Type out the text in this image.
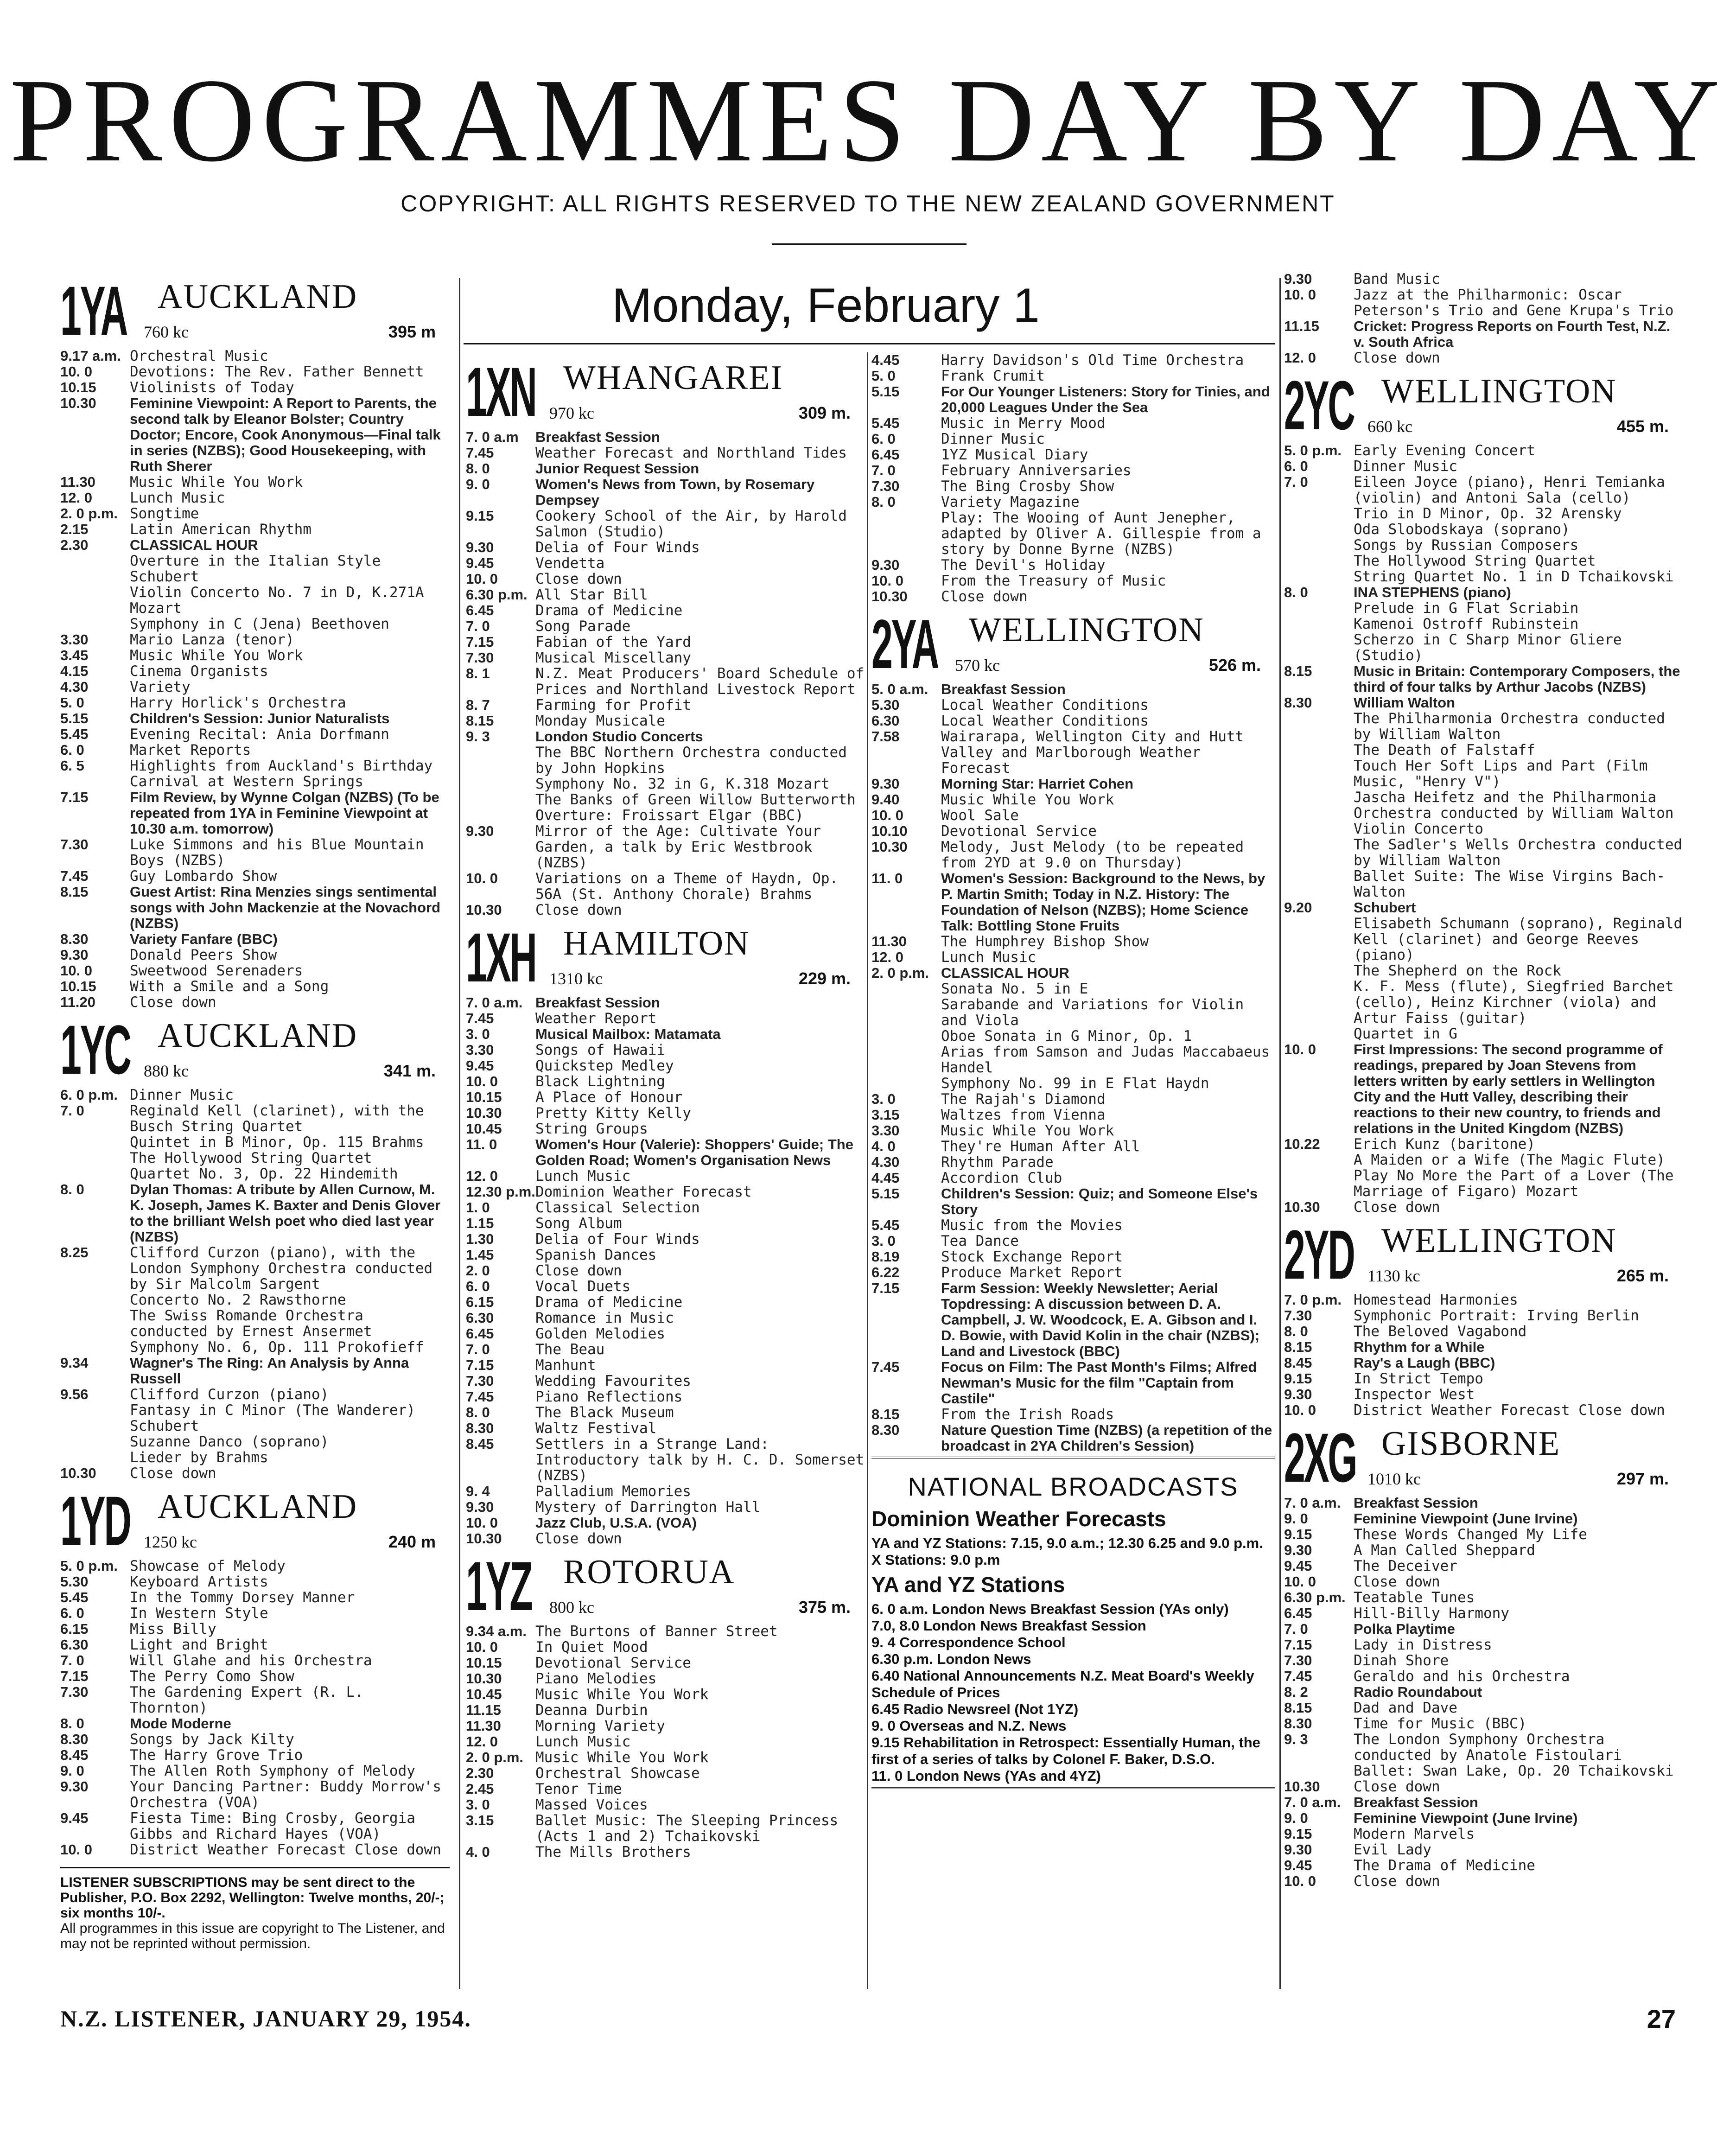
PROGRAMMES DAY BY DAY
COPYRIGHT: ALL RIGHTS RESERVED TO THE NEW ZEALAND GOVERNMENT
Monday, February 1
1YA AUCKLAND
760 kc	395 m
9.17 a.m. Orchestral Music
10. 0	Devotions: The Rev. Father Bennett
10.15	Violinists of Today
10.30	Feminine Viewpoint: A Report to Parents, the second talk by Eleanor Bolster; Country Doctor; Encore, Cook Anonymous—Final talk in series (NZBS); Good Housekeeping, with Ruth Sherer
11.30	Music While You Work
12. 0	Lunch Music
2. 0 p.m. Songtime
2.15	Latin American Rhythm
2.30	CLASSICAL HOUR
Overture in the Italian Style Schubert
Violin Concerto No. 7 in D, K.271A Mozart
Symphony in C (Jena) Beethoven
3.30	Mario Lanza (tenor)
3.45	Music While You Work
4.15	Cinema Organists
4.30	Variety
5. 0	Harry Horlick's Orchestra
5.15	Children's Session: Junior Naturalists
5.45	Evening Recital: Ania Dorfmann
6. 0	Market Reports
6. 5	Highlights from Auckland's Birthday Carnival at Western Springs
7.15	Film Review, by Wynne Colgan (NZBS) (To be repeated from 1YA in Feminine Viewpoint at 10.30 a.m. tomorrow)
7.30	Luke Simmons and his Blue Mountain Boys (NZBS)
7.45	Guy Lombardo Show
8.15	Guest Artist: Rina Menzies sings sentimental songs with John Mackenzie at the Novachord (NZBS)
8.30	Variety Fanfare (BBC)
9.30	Donald Peers Show
10. 0	Sweetwood Serenaders
10.15	With a Smile and a Song
11.20	Close down
1YC AUCKLAND
880 kc	341 m.
6. 0 p.m. Dinner Music
7. 0	Reginald Kell (clarinet), with the Busch String Quartet
Quintet in B Minor, Op. 115 Brahms
The Hollywood String Quartet
Quartet No. 3, Op. 22 Hindemith
8. 0	Dylan Thomas: A tribute by Allen Curnow, M. K. Joseph, James K. Baxter and Denis Glover to the brilliant Welsh poet who died last year (NZBS)
8.25	Clifford Curzon (piano), with the London Symphony Orchestra conducted by Sir Malcolm Sargent
Concerto No. 2 Rawsthorne
The Swiss Romande Orchestra conducted by Ernest Ansermet
Symphony No. 6, Op. 111 Prokofieff
9.34	Wagner's The Ring: An Analysis by Anna Russell
9.56	Clifford Curzon (piano)
Fantasy in C Minor (The Wanderer) Schubert
Suzanne Danco (soprano)
Lieder by Brahms
10.30	Close down
1YD AUCKLAND
1250 kc	240 m
5. 0 p.m. Showcase of Melody
5.30	Keyboard Artists
5.45	In the Tommy Dorsey Manner
6. 0	In Western Style
6.15	Miss Billy
6.30	Light and Bright
7. 0	Will Glahe and his Orchestra
7.15	The Perry Como Show
7.30	The Gardening Expert (R. L. Thornton)
8. 0	Mode Moderne
8.30	Songs by Jack Kilty
8.45	The Harry Grove Trio
9. 0	The Allen Roth Symphony of Melody
9.30	Your Dancing Partner: Buddy Morrow's Orchestra (VOA)
9.45	Fiesta Time: Bing Crosby, Georgia Gibbs and Richard Hayes (VOA)
10. 0	District Weather Forecast Close down
LISTENER SUBSCRIPTIONS may be sent direct to the Publisher, P.O. Box 2292, Wellington: Twelve months, 20/-; six months 10/-.
All programmes in this issue are copyright to The Listener, and may not be reprinted without permission.
1XN WHANGAREI
970 kc	309 m.
7. 0 a.m	Breakfast Session
7.45	Weather Forecast and Northland Tides
8. 0	Junior Request Session
9. 0	Women's News from Town, by Rosemary Dempsey
9.15	Cookery School of the Air, by Harold Salmon (Studio)
9.30	Delia of Four Winds
9.45	Vendetta
10. 0	Close down
6.30 p.m. All Star Bill
6.45	Drama of Medicine
7. 0	Song Parade
7.15	Fabian of the Yard
7.30	Musical Miscellany
8. 1	N.Z. Meat Producers' Board Schedule of Prices and Northland Livestock Report
8. 7	Farming for Profit
8.15	Monday Musicale
9. 3	London Studio Concerts
The BBC Northern Orchestra conducted by John Hopkins
Symphony No. 32 in G, K.318 Mozart
The Banks of Green Willow Butterworth
Overture: Froissart Elgar (BBC)
9.30	Mirror of the Age: Cultivate Your Garden, a talk by Eric Westbrook (NZBS)
10. 0	Variations on a Theme of Haydn, Op. 56A (St. Anthony Chorale) Brahms
10.30	Close down
1XH HAMILTON
1310 kc	229 m.
7. 0 a.m. Breakfast Session
7.45	Weather Report
3. 0	Musical Mailbox: Matamata
3.30	Songs of Hawaii
9.45	Quickstep Medley
10. 0	Black Lightning
10.15	A Place of Honour
10.30	Pretty Kitty Kelly
10.45	String Groups
11. 0	Women's Hour (Valerie): Shoppers' Guide; The Golden Road; Women's Organisation News
12. 0	Lunch Music
12.30 p.m. Dominion Weather Forecast
1. 0	Classical Selection
1.15	Song Album
1.30	Delia of Four Winds
1.45	Spanish Dances
2. 0	Close down
6. 0	Vocal Duets
6.15	Drama of Medicine
6.30	Romance in Music
6.45	Golden Melodies
7. 0	The Beau
7.15	Manhunt
7.30	Wedding Favourites
7.45	Piano Reflections
8. 0	The Black Museum
8.30	Waltz Festival
8.45	Settlers in a Strange Land: Introductory talk by H. C. D. Somerset (NZBS)
9. 4	Palladium Memories
9.30	Mystery of Darrington Hall
10. 0	Jazz Club, U.S.A. (VOA)
10.30	Close down
1YZ ROTORUA
800 kc	375 m.
9.34 a.m. The Burtons of Banner Street
10. 0	In Quiet Mood
10.15	Devotional Service
10.30	Piano Melodies
10.45	Music While You Work
11.15	Deanna Durbin
11.30	Morning Variety
12. 0	Lunch Music
2. 0 p.m. Music While You Work
2.30	Orchestral Showcase
2.45	Tenor Time
3. 0	Massed Voices
3.15	Ballet Music: The Sleeping Princess (Acts 1 and 2) Tchaikovski
4. 0	The Mills Brothers
4.45	Harry Davidson's Old Time Orchestra
5. 0	Frank Crumit
5.15	For Our Younger Listeners: Story for Tinies, and 20,000 Leagues Under the Sea
5.45	Music in Merry Mood
6. 0	Dinner Music
6.45	1YZ Musical Diary
7. 0	February Anniversaries
7.30	The Bing Crosby Show
8. 0	Variety Magazine
Play: The Wooing of Aunt Jenepher, adapted by Oliver A. Gillespie from a story by Donne Byrne (NZBS)
9.30	The Devil's Holiday
10. 0	From the Treasury of Music
10.30	Close down
2YA WELLINGTON
570 kc	526 m.
5. 0 a.m. Breakfast Session
5.30	Local Weather Conditions
6.30	Local Weather Conditions
7.58	Wairarapa, Wellington City and Hutt Valley and Marlborough Weather Forecast
9.30	Morning Star: Harriet Cohen
9.40	Music While You Work
10. 0	Wool Sale
10.10	Devotional Service
10.30	Melody, Just Melody (to be repeated from 2YD at 9.0 on Thursday)
11. 0	Women's Session: Background to the News, by P. Martin Smith; Today in N.Z. History: The Foundation of Nelson (NZBS); Home Science Talk: Bottling Stone Fruits
11.30	The Humphrey Bishop Show
12. 0	Lunch Music
2. 0 p.m. CLASSICAL HOUR
Sonata No. 5 in E
Sarabande and Variations for Violin and Viola
Oboe Sonata in G Minor, Op. 1
Arias from Samson and Judas Maccabaeus Handel
Symphony No. 99 in E Flat Haydn
3. 0	The Rajah's Diamond
3.15	Waltzes from Vienna
3.30	Music While You Work
4. 0	They're Human After All
4.30	Rhythm Parade
4.45	Accordion Club
5.15	Children's Session: Quiz; and Someone Else's Story
5.45	Music from the Movies
3. 0	Tea Dance
8.19	Stock Exchange Report
6.22	Produce Market Report
7.15	Farm Session: Weekly Newsletter; Aerial Topdressing: A discussion between D. A. Campbell, J. W. Woodcock, E. A. Gibson and I. D. Bowie, with David Kolin in the chair (NZBS); Land and Livestock (BBC)
7.45	Focus on Film: The Past Month's Films; Alfred Newman's Music for the film "Captain from Castile"
8.15	From the Irish Roads
8.30	Nature Question Time (NZBS) (a repetition of the broadcast in 2YA Children's Session)
NATIONAL BROADCASTS
Dominion Weather Forecasts
YA and YZ Stations: 7.15, 9.0 a.m.; 12.30 6.25 and 9.0 p.m.
X Stations: 9.0 p.m
YA and YZ Stations
6. 0 a.m. London News Breakfast Session (YAs only)
7.0, 8.0 London News Breakfast Session
9. 4 Correspondence School
6.30 p.m. London News
6.40 National Announcements N.Z. Meat Board's Weekly Schedule of Prices
6.45 Radio Newsreel (Not 1YZ)
9. 0 Overseas and N.Z. News
9.15 Rehabilitation in Retrospect: Essentially Human, the first of a series of talks by Colonel F. Baker, D.S.O.
11. 0 London News (YAs and 4YZ)
9.30	Band Music
10. 0	Jazz at the Philharmonic: Oscar Peterson's Trio and Gene Krupa's Trio
11.15	Cricket: Progress Reports on Fourth Test, N.Z. v. South Africa
12. 0	Close down
2YC WELLINGTON
660 kc	455 m.
5. 0 p.m. Early Evening Concert
6. 0	Dinner Music
7. 0	Eileen Joyce (piano), Henri Temianka (violin) and Antoni Sala (cello)
Trio in D Minor, Op. 32 Arensky
Oda Slobodskaya (soprano)
Songs by Russian Composers
The Hollywood String Quartet
String Quartet No. 1 in D Tchaikovski
8. 0	INA STEPHENS (piano)
Prelude in G Flat Scriabin
Kamenoi Ostroff Rubinstein
Scherzo in C Sharp Minor Gliere (Studio)
8.15	Music in Britain: Contemporary Composers, the third of four talks by Arthur Jacobs (NZBS)
8.30	William Walton
The Philharmonia Orchestra conducted by William Walton
The Death of Falstaff
Touch Her Soft Lips and Part (Film Music, "Henry V")
Jascha Heifetz and the Philharmonia Orchestra conducted by William Walton
Violin Concerto
The Sadler's Wells Orchestra conducted by William Walton
Ballet Suite: The Wise Virgins Bach-Walton
9.20	Schubert
Elisabeth Schumann (soprano), Reginald Kell (clarinet) and George Reeves (piano)
The Shepherd on the Rock
K. F. Mess (flute), Siegfried Barchet (cello), Heinz Kirchner (viola) and Artur Faiss (guitar)
Quartet in G
10. 0	First Impressions: The second programme of readings, prepared by Joan Stevens from letters written by early settlers in Wellington City and the Hutt Valley, describing their reactions to their new country, to friends and relations in the United Kingdom (NZBS)
10.22	Erich Kunz (baritone)
A Maiden or a Wife (The Magic Flute)
Play No More the Part of a Lover (The Marriage of Figaro) Mozart
10.30	Close down
2YD WELLINGTON
1130 kc	265 m.
7. 0 p.m. Homestead Harmonies
7.30	Symphonic Portrait: Irving Berlin
8. 0	The Beloved Vagabond
8.15	Rhythm for a While
8.45	Ray's a Laugh (BBC)
9.15	In Strict Tempo
9.30	Inspector West
10. 0	District Weather Forecast Close down
2XG GISBORNE
1010 kc	297 m.
7. 0 a.m. Breakfast Session
9. 0	Feminine Viewpoint (June Irvine)
9.15	These Words Changed My Life
9.30	A Man Called Sheppard
9.45	The Deceiver
10. 0	Close down
6.30 p.m. Teatable Tunes
6.45	Hill-Billy Harmony
7. 0	Polka Playtime
7.15	Lady in Distress
7.30	Dinah Shore
7.45	Geraldo and his Orchestra
8. 2	Radio Roundabout
8.15	Dad and Dave
8.30	Time for Music (BBC)
9. 3	The London Symphony Orchestra conducted by Anatole Fistoulari
Ballet: Swan Lake, Op. 20 Tchaikovski
10.30	Close down
7. 0 a.m. Breakfast Session
9. 0	Feminine Viewpoint (June Irvine)
9.15	Modern Marvels
9.30	Evil Lady
9.45	The Drama of Medicine
10. 0	Close down
N.Z. LISTENER, JANUARY 29, 1954.	27
